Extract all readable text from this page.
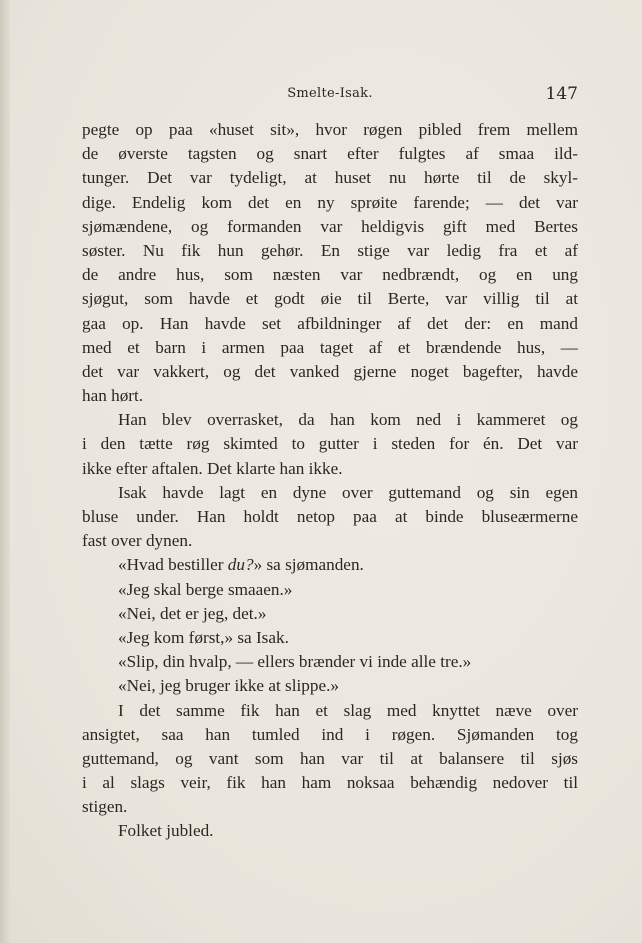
Smelte-Isak.	147
pegte op paa «huset sit», hvor røgen pibled frem mellem
de øverste tagsten og snart efter fulgtes af smaa ild-
tunger. Det var tydeligt, at huset nu hørte til de skyl-
dige. Endelig kom det en ny sprøite farende; — det var
sjømændene, og formanden var heldigvis gift med Bertes
søster. Nu fik hun gehør. En stige var ledig fra et af
de andre hus, som næsten var nedbrændt, og en ung
sjøgut, som havde et godt øie til Berte, var villig til at
gaa op. Han havde set afbildninger af det der: en mand
med et barn i armen paa taget af et brændende hus, —
det var vakkert, og det vanked gjerne noget bagefter, havde
han hørt.
Han blev overrasket, da han kom ned i kammeret og
i den tætte røg skimted to gutter i steden for én. Det var
ikke efter aftalen. Det klarte han ikke.
Isak havde lagt en dyne over guttemand og sin egen
bluse under. Han holdt netop paa at binde bluseærmerne
fast over dynen.
«Hvad bestiller du?» sa sjømanden.
«Jeg skal berge smaaen.»
«Nei, det er jeg, det.»
«Jeg kom først,» sa Isak.
«Slip, din hvalp, — ellers brænder vi inde alle tre.»
«Nei, jeg bruger ikke at slippe.»
I det samme fik han et slag med knyttet næve over
ansigtet, saa han tumled ind i røgen. Sjømanden tog
guttemand, og vant som han var til at balansere til sjøs
i al slags veir, fik han ham noksaa behændig nedover til
stigen.
Folket jubled.
